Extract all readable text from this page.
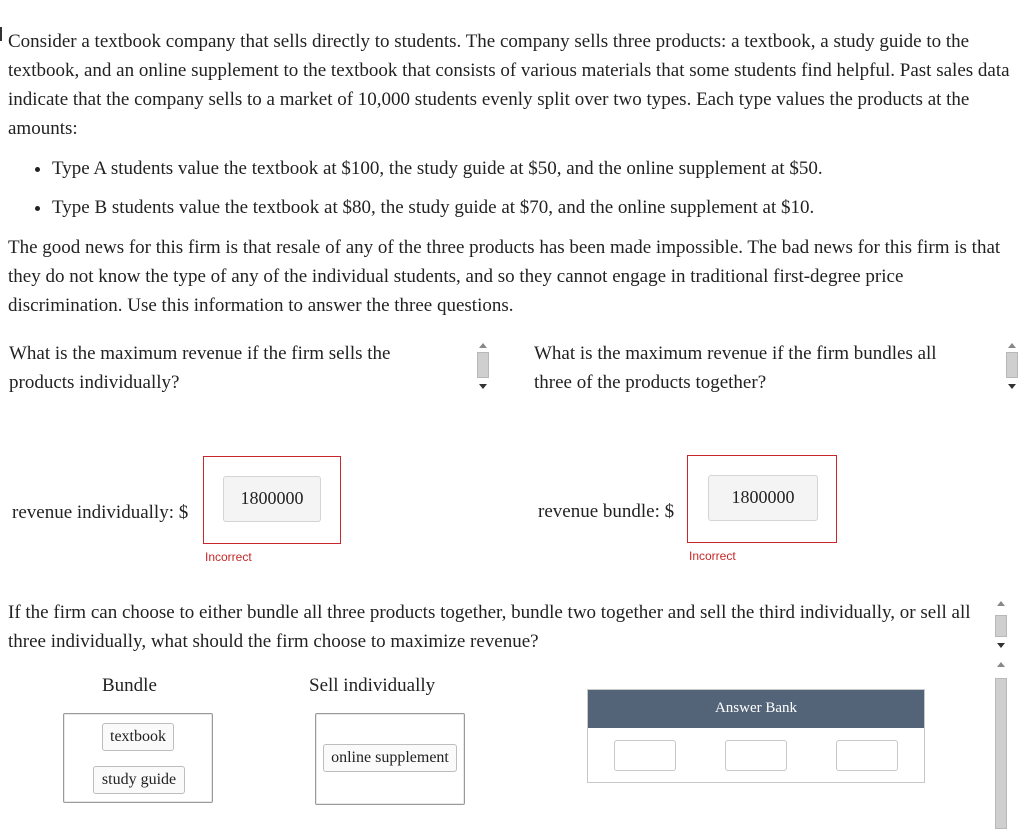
Consider a textbook company that sells directly to students. The company sells three products: a textbook, a study guide to the textbook, and an online supplement to the textbook that consists of various materials that some students find helpful. Past sales data indicate that the company sells to a market of 10,000 students evenly split over two types. Each type values the products at the amounts:

• Type A students value the textbook at $100, the study guide at $50, and the online supplement at $50.
• Type B students value the textbook at $80, the study guide at $70, and the online supplement at $10.

The good news for this firm is that resale of any of the three products has been made impossible. The bad news for this firm is that they do not know the type of any of the individual students, and so they cannot engage in traditional first-degree price discrimination. Use this information to answer the three questions.

What is the maximum revenue if the firm sells the products individually?
revenue individually: $
1800000
Incorrect
What is the maximum revenue if the firm bundles all three of the products together?
revenue bundle: $
1800000
Incorrect
If the firm can choose to either bundle all three products together, bundle two together and sell the third individually, or sell all three individually, what should the firm choose to maximize revenue?
Bundle	Sell individually
textbook
study guide
online supplement
Answer Bank
